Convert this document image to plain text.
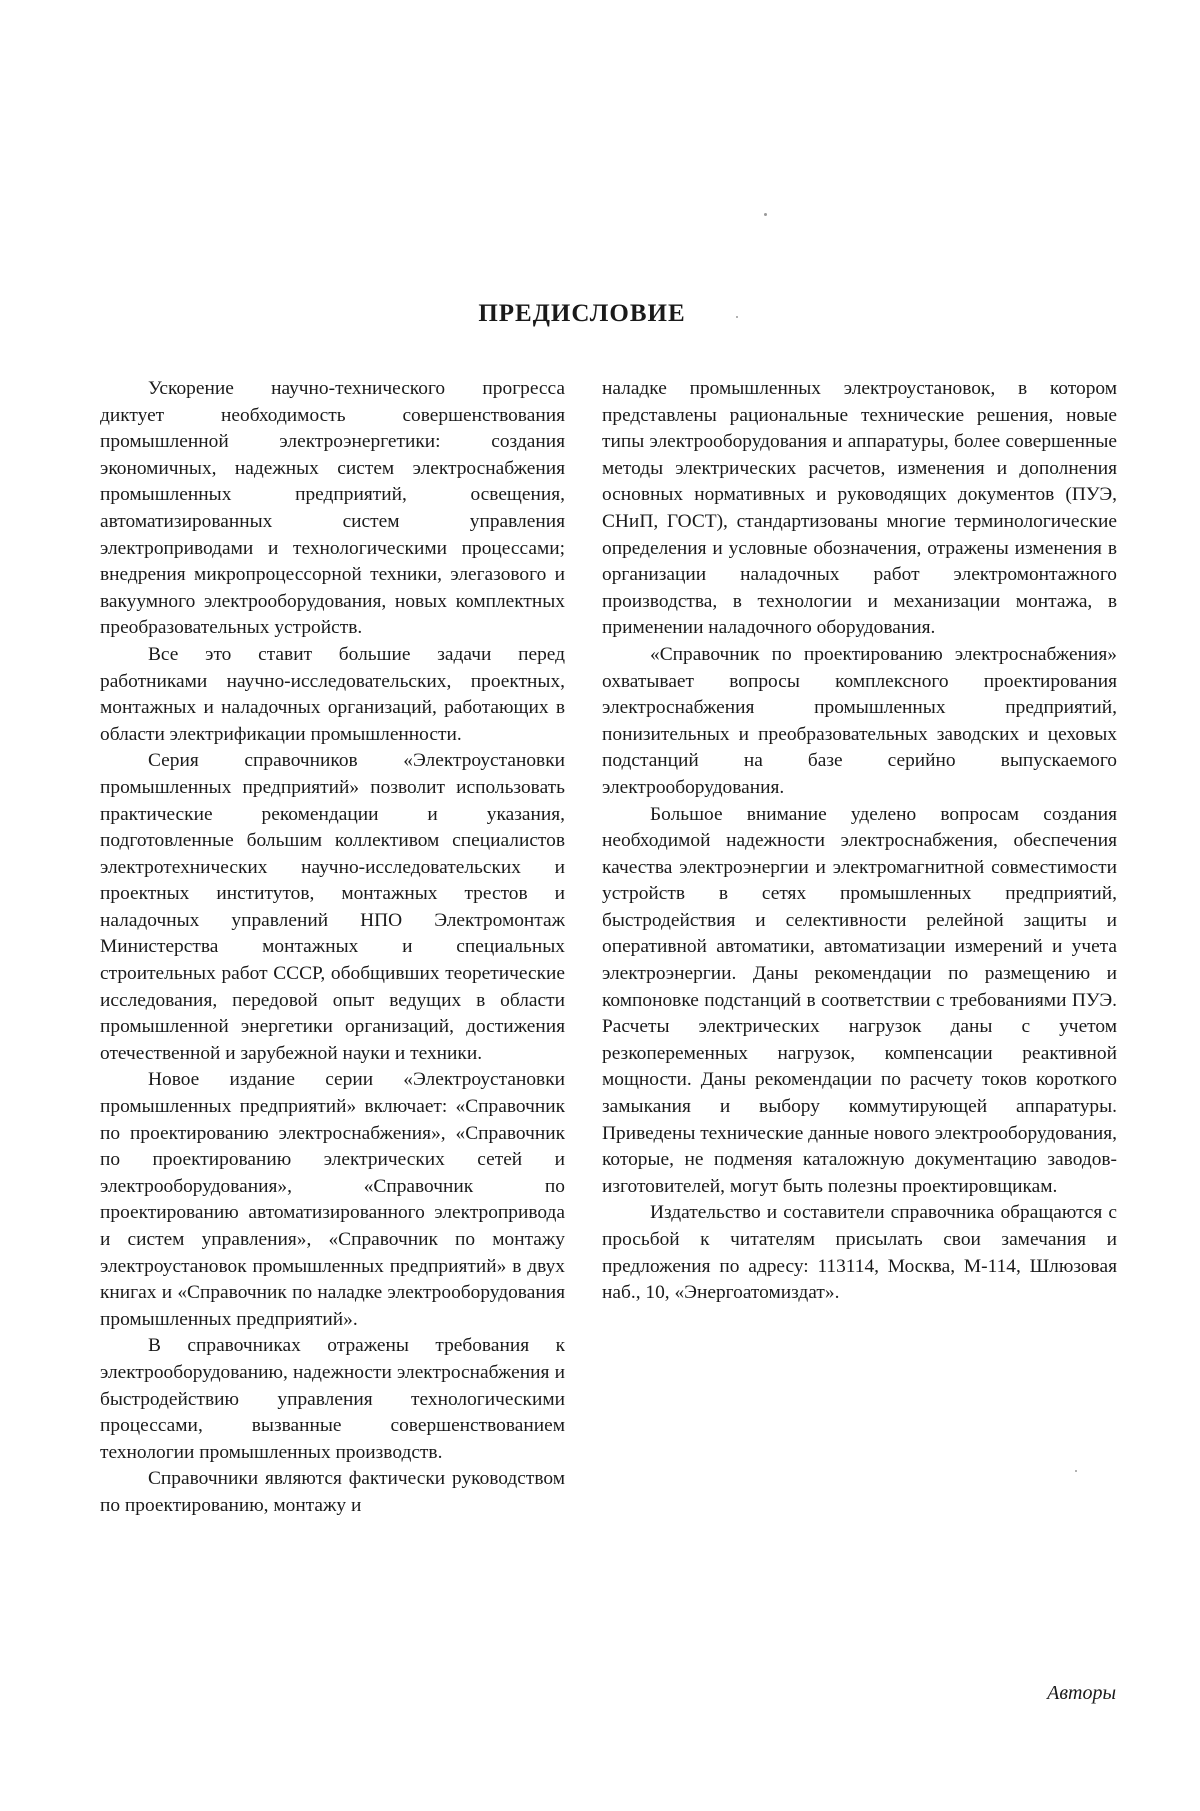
ПРЕДИСЛОВИЕ

Ускорение научно-технического прогресса диктует необходимость совершенствования промышленной электроэнергетики: создания экономичных, надежных систем электроснабжения промышленных предприятий, освещения, автоматизированных систем управления электроприводами и технологическими процессами; внедрения микропроцессорной техники, элегазового и вакуумного электрооборудования, новых комплектных преобразовательных устройств.

Все это ставит большие задачи перед работниками научно-исследовательских, проектных, монтажных и наладочных организаций, работающих в области электрификации промышленности.

Серия справочников «Электроустановки промышленных предприятий» позволит использовать практические рекомендации и указания, подготовленные большим коллективом специалистов электротехнических научно-исследовательских и проектных институтов, монтажных трестов и наладочных управлений НПО Электромонтаж Министерства монтажных и специальных строительных работ СССР, обобщивших теоретические исследования, передовой опыт ведущих в области промышленной энергетики организаций, достижения отечественной и зарубежной науки и техники.

Новое издание серии «Электроустановки промышленных предприятий» включает: «Справочник по проектированию электроснабжения», «Справочник по проектированию электрических сетей и электрооборудования», «Справочник по проектированию автоматизированного электропривода и систем управления», «Справочник по монтажу электроустановок промышленных предприятий» в двух книгах и «Справочник по наладке электрооборудования промышленных предприятий».

В справочниках отражены требования к электрооборудованию, надежности электроснабжения и быстродействию управления технологическими процессами, вызванные совершенствованием технологии промышленных производств.

Справочники являются фактически руководством по проектированию, монтажу и

наладке промышленных электроустановок, в котором представлены рациональные технические решения, новые типы электрооборудования и аппаратуры, более совершенные методы электрических расчетов, изменения и дополнения основных нормативных и руководящих документов (ПУЭ, СНиП, ГОСТ), стандартизованы многие терминологические определения и условные обозначения, отражены изменения в организации наладочных работ электромонтажного производства, в технологии и механизации монтажа, в применении наладочного оборудования.

«Справочник по проектированию электроснабжения» охватывает вопросы комплексного проектирования электроснабжения промышленных предприятий, понизительных и преобразовательных заводских и цеховых подстанций на базе серийно выпускаемого электрооборудования.

Большое внимание уделено вопросам создания необходимой надежности электроснабжения, обеспечения качества электроэнергии и электромагнитной совместимости устройств в сетях промышленных предприятий, быстродействия и селективности релейной защиты и оперативной автоматики, автоматизации измерений и учета электроэнергии. Даны рекомендации по размещению и компоновке подстанций в соответствии с требованиями ПУЭ. Расчеты электрических нагрузок даны с учетом резкопеременных нагрузок, компенсации реактивной мощности. Даны рекомендации по расчету токов короткого замыкания и выбору коммутирующей аппаратуры. Приведены технические данные нового электрооборудования, которые, не подменяя каталожную документацию заводов-изготовителей, могут быть полезны проектировщикам.

Издательство и составители справочника обращаются с просьбой к читателям присылать свои замечания и предложения по адресу: 113114, Москва, М-114, Шлюзовая наб., 10, «Энергоатомиздат».

Авторы
